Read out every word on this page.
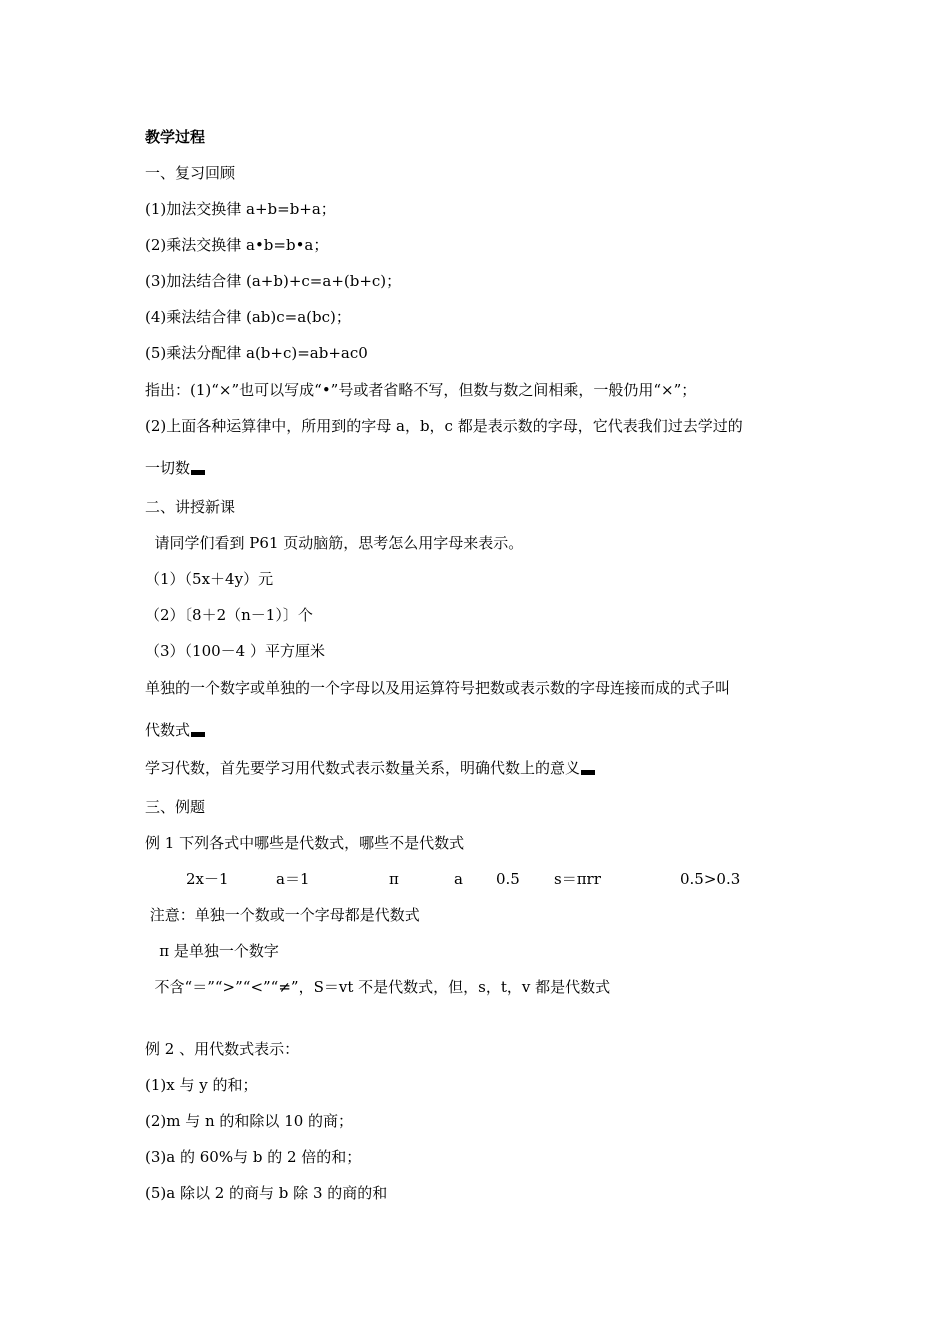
教学过程
一、复习回顾
(1)加法交换律 a+b=b+a；
(2)乘法交换律 a•b=b•a；
(3)加法结合律 (a+b)+c=a+(b+c)；
(4)乘法结合律 (ab)c=a(bc)；
(5)乘法分配律 a(b+c)=ab+ac0
指出：(1)“×”也可以写成“•”号或者省略不写，但数与数之间相乘，一般仍用“×”；
(2)上面各种运算律中，所用到的字母 a，b，c 都是表示数的字母，它代表我们过去学过的
一切数
二、讲授新课
请同学们看到 P61 页动脑筋，思考怎么用字母来表示。
（1）（5x＋4y）元
（2）〔8＋2（n－1）〕个
（3）（100－4 ）平方厘米
单独的一个数字或单独的一个字母以及用运算符号把数或表示数的字母连接而成的式子叫
代数式
学习代数，首先要学习用代数式表示数量关系，明确代数上的意义
三、例题
例 1 下列各式中哪些是代数式，哪些不是代数式
2x－1	a＝1	π	a 0.5 s＝πrr	0.5>0.3
注意：单独一个数或一个字母都是代数式
π 是单独一个数字
不含“＝”“>”“<”“≠”，S＝vt 不是代数式，但，s，t，v 都是代数式
例 2 、用代数式表示：
(1)x 与 y 的和；
(2)m 与 n 的和除以 10 的商；
(3)a 的 60%与 b 的 2 倍的和；
(5)a 除以 2 的商与 b 除 3 的商的和
